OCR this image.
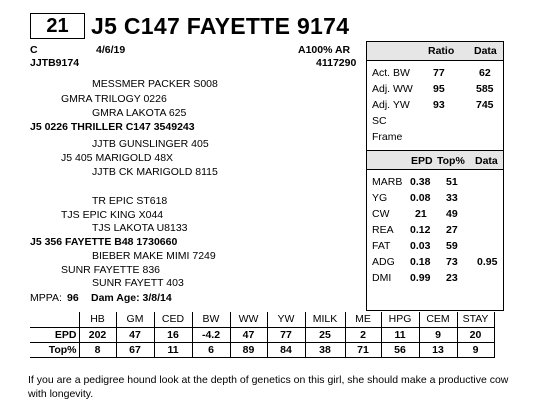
21 J5 C147 FAYETTE 9174
C	4/6/19	A100% AR
JJTB9174	4117290
MESSMER PACKER S008
GMRA TRILOGY 0226
GMRA LAKOTA 625
J5 0226 THRILLER C147 3549243
JJTB GUNSLINGER 405
J5 405 MARIGOLD 48X
JJTB CK MARIGOLD 8115
TR EPIC ST618
TJS EPIC KING X044
TJS LAKOTA U8133
J5 356 FAYETTE B48 1730660
BIEBER MAKE MIMI 7249
SUNR FAYETTE 836
SUNR FAYETT 403
MPPA: 96 Dam Age: 3/8/14
Ratio Data
Act. BW 77	62
Adj. WW 95	585
Adj. YW 93	745
SC
Frame
EPD Top% Data
MARB 0.38 51
YG 0.08 33
CW 21 49
REA 0.12 27
FAT 0.03 59
ADG 0.18 73 0.95
DMI 0.99 23
	HB	GM	CED	BW	WW	YW	MILK	ME	HPG	CEM	STAY
EPD	202	47	16	-4.2	47	77	25	2	11	9	20
Top%	8	67	11	6	89	84	38	71	56	13	9
If you are a pedigree hound look at the depth of genetics on this girl, she should make a productive cow with longevity.
